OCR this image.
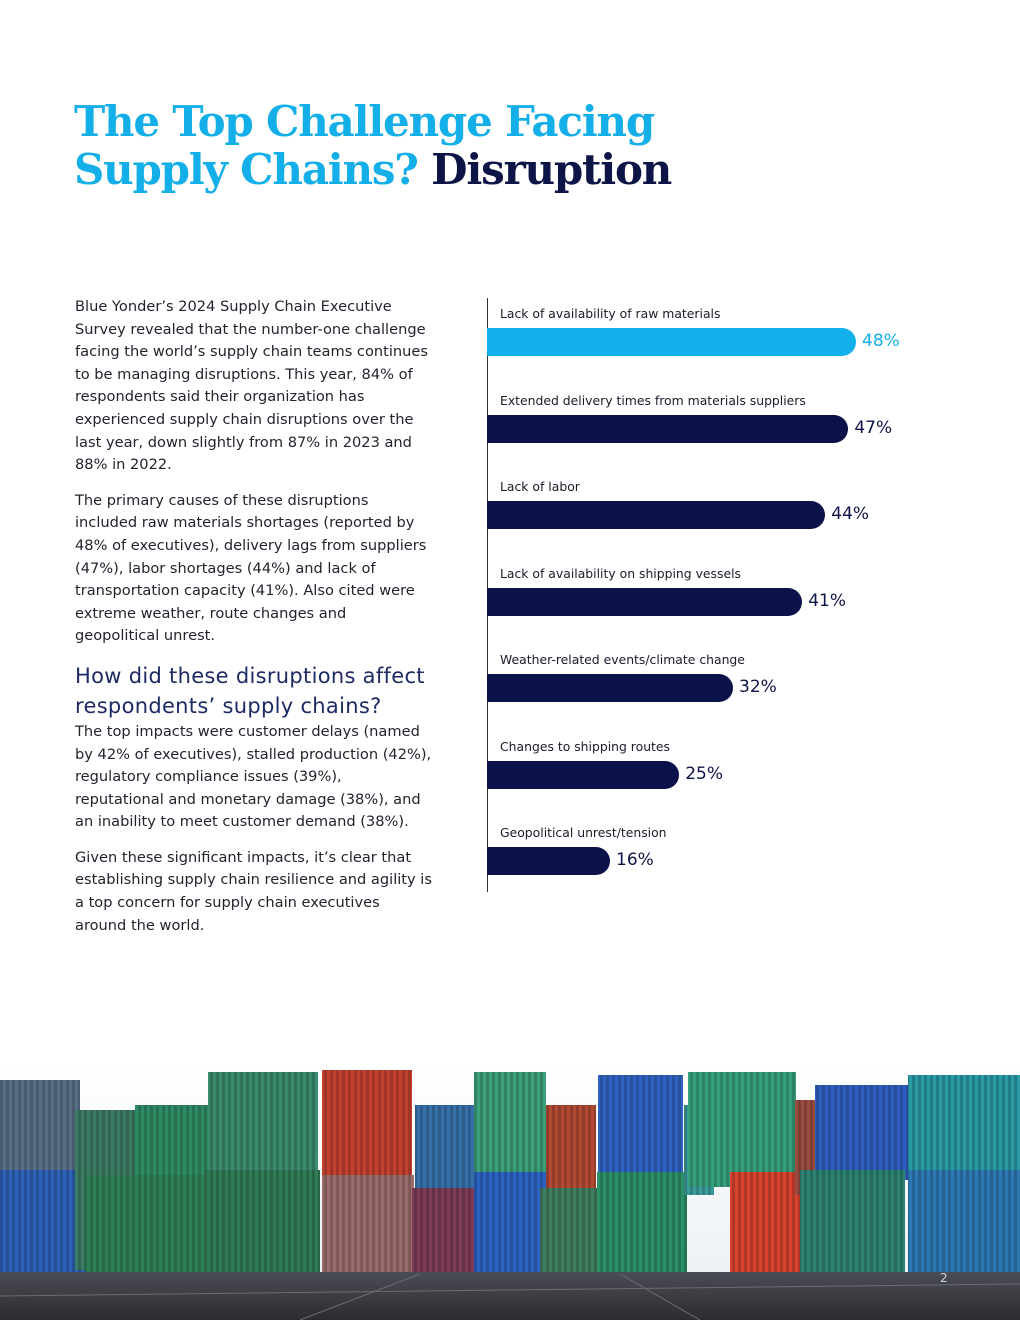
The Top Challenge Facing
Supply Chains? Disruption

Blue Yonder’s 2024 Supply Chain Executive Survey revealed that the number-one challenge facing the world’s supply chain teams continues to be managing disruptions. This year, 84% of respondents said their organization has experienced supply chain disruptions over the last year, down slightly from 87% in 2023 and 88% in 2022.

The primary causes of these disruptions included raw materials shortages (reported by 48% of executives), delivery lags from suppliers (47%), labor shortages (44%) and lack of transportation capacity (41%). Also cited were extreme weather, route changes and geopolitical unrest.

How did these disruptions affect respondents’ supply chains?

The top impacts were customer delays (named by 42% of executives), stalled production (42%), regulatory compliance issues (39%), reputational and monetary damage (38%), and an inability to meet customer demand (38%).

Given these significant impacts, it’s clear that establishing supply chain resilience and agility is a top concern for supply chain executives around the world.

Lack of availability of raw materials
48%
Extended delivery times from materials suppliers
47%
Lack of labor
44%
Lack of availability on shipping vessels
41%
Weather-related events/climate change
32%
Changes to shipping routes
25%
Geopolitical unrest/tension
16%
2
